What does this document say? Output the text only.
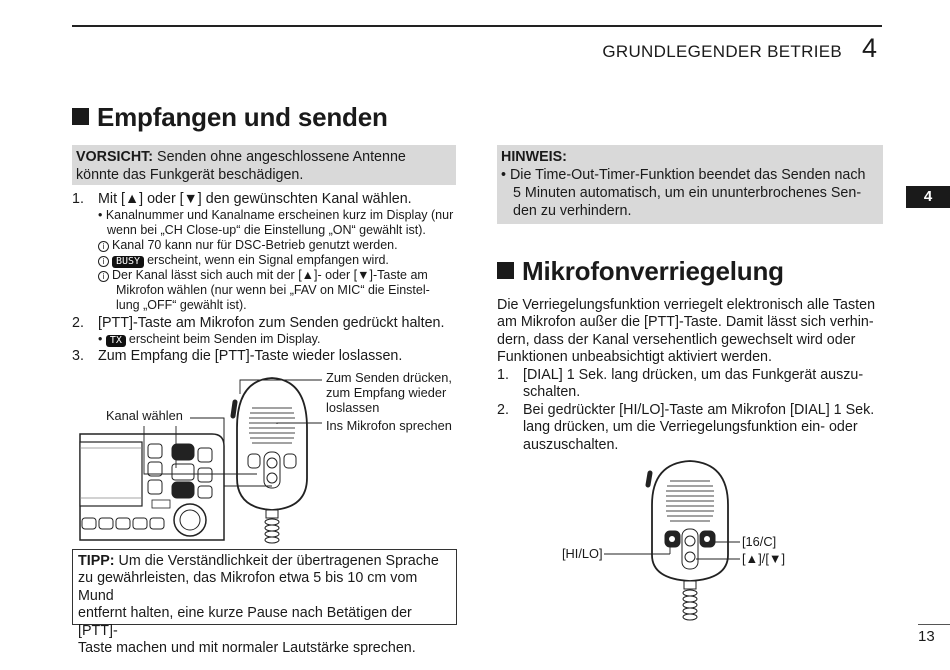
GRUNDLEGENDER BETRIEB 4
4
Empfangen und senden
VORSICHT: Senden ohne angeschlossene Antenne könnte das Funkgerät beschädigen.
1. Mit [▲] oder [▼] den gewünschten Kanal wählen.
• Kanalnummer und Kanalname erscheinen kurz im Display (nur
wenn bei „CH Close-up“ die Einstellung „ON“ gewählt ist).
i Kanal 70 kann nur für DSC-Betrieb genutzt werden.
i BUSY erscheint, wenn ein Signal empfangen wird.
i Der Kanal lässt sich auch mit der [▲]- oder [▼]-Taste am
Mikrofon wählen (nur wenn bei „FAV on MIC“ die Einstel-
lung „OFF“ gewählt ist).
2. [PTT]-Taste am Mikrofon zum Senden gedrückt halten.
• TX erscheint beim Senden im Display.
3. Zum Empfang die [PTT]-Taste wieder loslassen.
Zum Senden drücken,
zum Empfang wieder
loslassen
Ins Mikrofon sprechen
Kanal wählen
TIPP: Um die Verständlichkeit der übertragenen Sprache
zu gewährleisten, das Mikrofon etwa 5 bis 10 cm vom Mund
entfernt halten, eine kurze Pause nach Betätigen der [PTT]-
Taste machen und mit normaler Lautstärke sprechen.
HINWEIS:
• Die Time-Out-Timer-Funktion beendet das Senden nach
5 Minuten automatisch, um ein ununterbrochenes Sen-
den zu verhindern.
Mikrofonverriegelung
Die Verriegelungsfunktion verriegelt elektronisch alle Tasten
am Mikrofon außer die [PTT]-Taste. Damit lässt sich verhin-
dern, dass der Kanal versehentlich gewechselt wird oder
Funktionen unbeabsichtigt aktiviert werden.
1. [DIAL] 1 Sek. lang drücken, um das Funkgerät auszu-
schalten.
2. Bei gedrückter [HI/LO]-Taste am Mikrofon [DIAL] 1 Sek.
lang drücken, um die Verriegelungsfunktion ein- oder
auszuschalten.
[HI/LO]
[16/C]
[▲]/[▼]
13
